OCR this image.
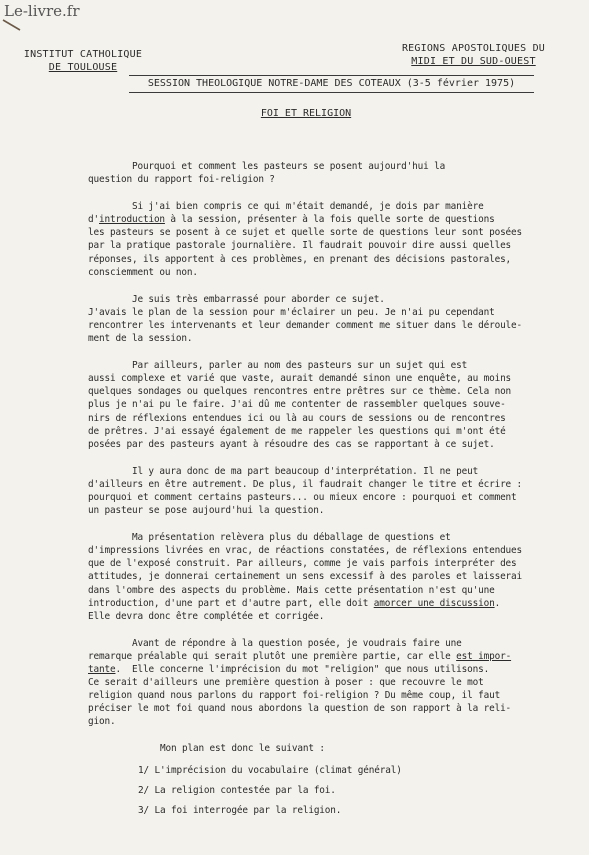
Le-livre.fr
INSTITUT CATHOLIQUE
DE TOULOUSE
REGIONS APOSTOLIQUES DU
MIDI ET DU SUD-OUEST
SESSION THEOLOGIQUE NOTRE-DAME DES COTEAUX (3-5 février 1975)
FOI ET RELIGION
Pourquoi et comment les pasteurs se posent aujourd'hui la
question du rapport foi-religion ?
Si j'ai bien compris ce qui m'était demandé, je dois par manière
d'introduction à la session, présenter à la fois quelle sorte de questions
les pasteurs se posent à ce sujet et quelle sorte de questions leur sont posées
par la pratique pastorale journalière. Il faudrait pouvoir dire aussi quelles
réponses, ils apportent à ces problèmes, en prenant des décisions pastorales,
consciemment ou non.
Je suis très embarrassé pour aborder ce sujet.
J'avais le plan de la session pour m'éclairer un peu. Je n'ai pu cependant
rencontrer les intervenants et leur demander comment me situer dans le déroule-
ment de la session.
Par ailleurs, parler au nom des pasteurs sur un sujet qui est
aussi complexe et varié que vaste, aurait demandé sinon une enquête, au moins
quelques sondages ou quelques rencontres entre prêtres sur ce thème. Cela non
plus je n'ai pu le faire. J'ai dû me contenter de rassembler quelques souve-
nirs de réflexions entendues ici ou là au cours de sessions ou de rencontres
de prêtres. J'ai essayé également de me rappeler les questions qui m'ont été
posées par des pasteurs ayant à résoudre des cas se rapportant à ce sujet.
Il y aura donc de ma part beaucoup d'interprétation. Il ne peut
d'ailleurs en être autrement. De plus, il faudrait changer le titre et écrire :
pourquoi et comment certains pasteurs... ou mieux encore : pourquoi et comment
un pasteur se pose aujourd'hui la question.
Ma présentation relèvera plus du déballage de questions et
d'impressions livrées en vrac, de réactions constatées, de réflexions entendues
que de l'exposé construit. Par ailleurs, comme je vais parfois interpréter des
attitudes, je donnerai certainement un sens excessif à des paroles et laisserai
dans l'ombre des aspects du problème. Mais cette présentation n'est qu'une
introduction, d'une part et d'autre part, elle doit amorcer une discussion.
Elle devra donc être complétée et corrigée.
Avant de répondre à la question posée, je voudrais faire une
remarque préalable qui serait plutôt une première partie, car elle est impor-
tante.  Elle concerne l'imprécision du mot "religion" que nous utilisons.
Ce serait d'ailleurs une première question à poser : que recouvre le mot
religion quand nous parlons du rapport foi-religion ? Du même coup, il faut
préciser le mot foi quand nous abordons la question de son rapport à la reli-
gion.
Mon plan est donc le suivant :
1/ L'imprécision du vocabulaire (climat général)
2/ La religion contestée par la foi.
3/ La foi interrogée par la religion.
